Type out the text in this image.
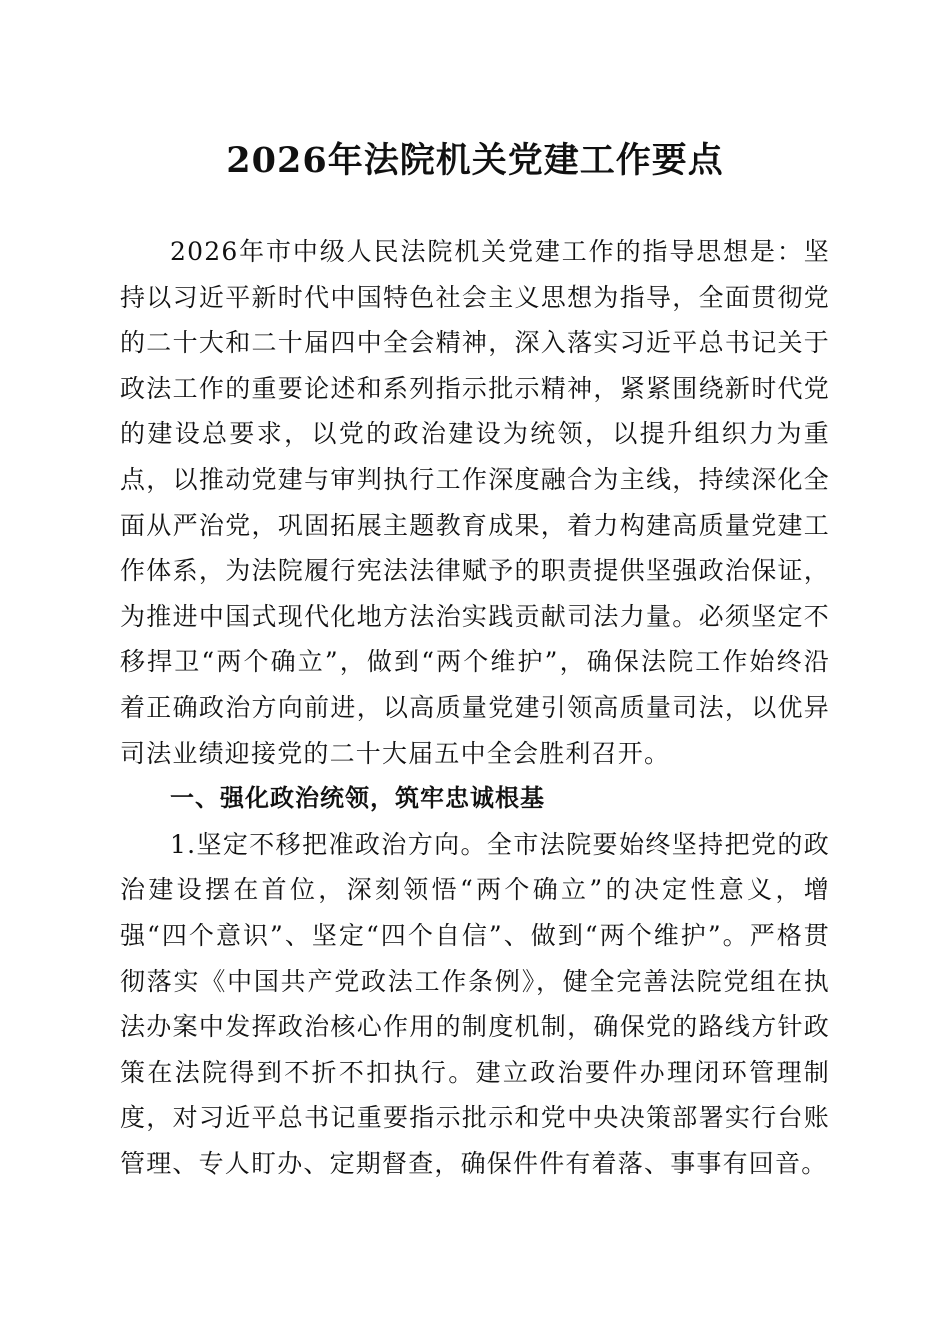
2026年法院机关党建工作要点

2026年市中级人民法院机关党建工作的指导思想是：坚持以习近平新时代中国特色社会主义思想为指导，全面贯彻党的二十大和二十届四中全会精神，深入落实习近平总书记关于政法工作的重要论述和系列指示批示精神，紧紧围绕新时代党的建设总要求，以党的政治建设为统领，以提升组织力为重点，以推动党建与审判执行工作深度融合为主线，持续深化全面从严治党，巩固拓展主题教育成果，着力构建高质量党建工作体系，为法院履行宪法法律赋予的职责提供坚强政治保证，为推进中国式现代化地方法治实践贡献司法力量。必须坚定不移捍卫“两个确立”，做到“两个维护”，确保法院工作始终沿着正确政治方向前进，以高质量党建引领高质量司法，以优异司法业绩迎接党的二十大届五中全会胜利召开。

一、强化政治统领，筑牢忠诚根基

1.坚定不移把准政治方向。全市法院要始终坚持把党的政治建设摆在首位，深刻领悟“两个确立”的决定性意义，增强“四个意识”、坚定“四个自信”、做到“两个维护”。严格贯彻落实《中国共产党政法工作条例》，健全完善法院党组在执法办案中发挥政治核心作用的制度机制，确保党的路线方针政策在法院得到不折不扣执行。建立政治要件办理闭环管理制度，对习近平总书记重要指示批示和党中央决策部署实行台账管理、专人盯办、定期督查，确保件件有着落、事事有回音。
